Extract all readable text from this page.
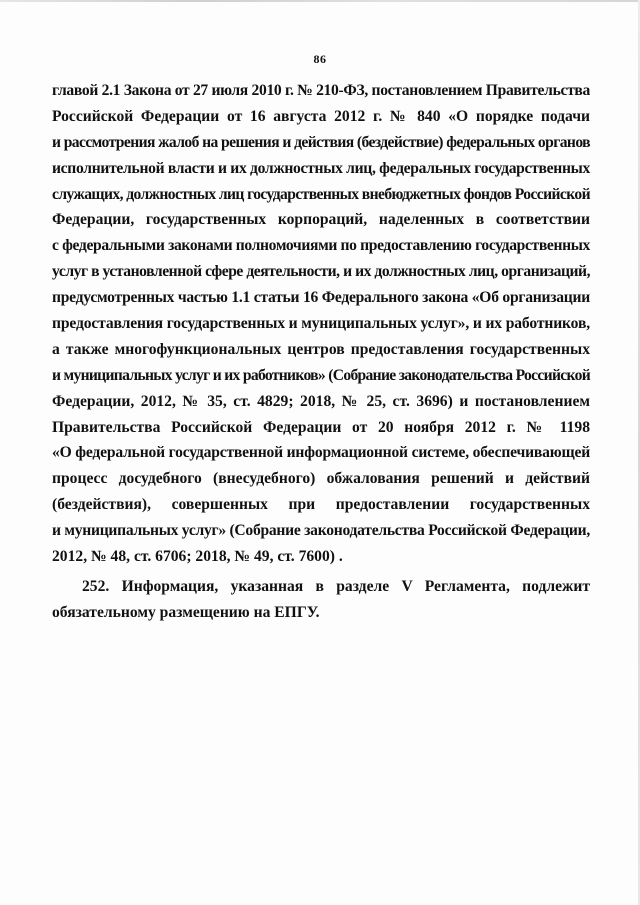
86
главой 2.1 Закона от 27 июля 2010 г. № 210-ФЗ, постановлением Правительства
Российской Федерации от 16 августа 2012 г. № 840 «О порядке подачи
и рассмотрения жалоб на решения и действия (бездействие) федеральных органов
исполнительной власти и их должностных лиц, федеральных государственных
служащих, должностных лиц государственных внебюджетных фондов Российской
Федерации, государственных корпораций, наделенных в соответствии
с федеральными законами полномочиями по предоставлению государственных
услуг в установленной сфере деятельности, и их должностных лиц, организаций,
предусмотренных частью 1.1 статьи 16 Федерального закона «Об организации
предоставления государственных и муниципальных услуг», и их работников,
а также многофункциональных центров предоставления государственных
и муниципальных услуг и их работников» (Собрание законодательства Российской
Федерации, 2012, № 35, ст. 4829; 2018, № 25, ст. 3696) и постановлением
Правительства Российской Федерации от 20 ноября 2012 г. № 1198
«О федеральной государственной информационной системе, обеспечивающей
процесс досудебного (внесудебного) обжалования решений и действий
(бездействия), совершенных при предоставлении государственных
и муниципальных услуг» (Собрание законодательства Российской Федерации,
2012, № 48, ст. 6706; 2018, № 49, ст. 7600) .
252. Информация, указанная в разделе V Регламента, подлежит
обязательному размещению на ЕПГУ.
